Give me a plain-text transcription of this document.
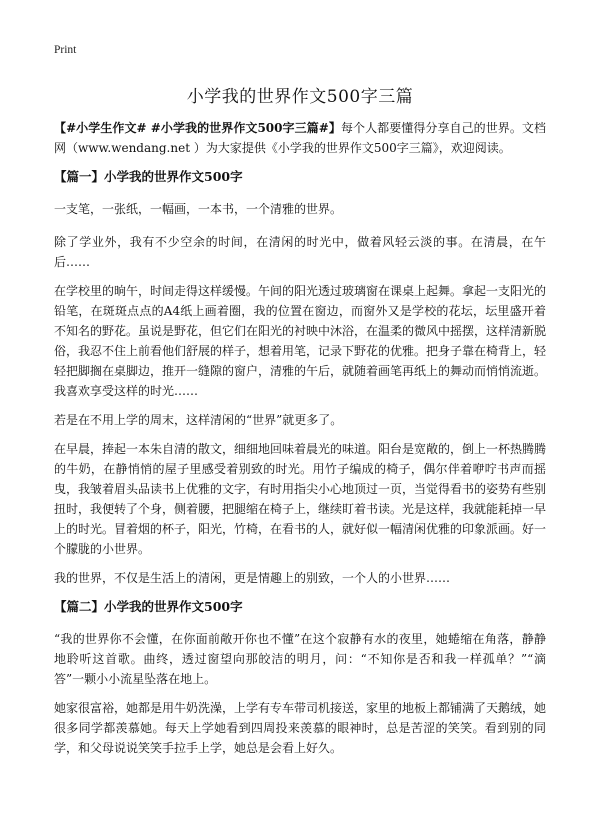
Print
小学我的世界作文500字三篇

【#小学生作文# #小学我的世界作文500字三篇#】每个人都要懂得分享自己的世界。文档网（www.wendang.net ）为大家提供《小学我的世界作文500字三篇》，欢迎阅读。

【篇一】小学我的世界作文500字

一支笔，一张纸，一幅画，一本书，一个清雅的世界。

除了学业外，我有不少空余的时间，在清闲的时光中，做着风轻云淡的事。在清晨，在午后……

在学校里的晌午，时间走得这样缓慢。午间的阳光透过玻璃窗在课桌上起舞。拿起一支阳光的铅笔，在斑斑点点的A4纸上画着圈，我的位置在窗边，而窗外又是学校的花坛，坛里盛开着不知名的野花。虽说是野花，但它们在阳光的衬映中沐浴，在温柔的微风中摇摆，这样清新脱俗，我忍不住上前看他们舒展的样子，想着用笔，记录下野花的优雅。把身子靠在椅背上，轻轻把脚搁在桌脚边，推开一缝隙的窗户，清雅的午后，就随着画笔再纸上的舞动而悄悄流逝。我喜欢享受这样的时光……

若是在不用上学的周末，这样清闲的“世界”就更多了。

在早晨，捧起一本朱自清的散文，细细地回味着晨光的味道。阳台是宽敞的，倒上一杯热腾腾的牛奶，在静悄悄的屋子里感受着别致的时光。用竹子编成的椅子，偶尔伴着咿咛书声而摇曳，我皱着眉头品读书上优雅的文字，有时用指尖小心地顶过一页，当觉得看书的姿势有些别扭时，我便转了个身，侧着腰，把腿缩在椅子上，继续盯着书读。光是这样，我就能耗掉一早上的时光。冒着烟的杯子，阳光，竹椅，在看书的人，就好似一幅清闲优雅的印象派画。好一个朦胧的小世界。

我的世界，不仅是生活上的清闲，更是情趣上的别致，一个人的小世界……

【篇二】小学我的世界作文500字

“我的世界你不会懂，在你面前敞开你也不懂”在这个寂静有水的夜里，她蜷缩在角落，静静地聆听这首歌。曲终，透过窗望向那皎洁的明月，问：“不知你是否和我一样孤单？”“滴答”一颗小小流星坠落在地上。

她家很富裕，她都是用牛奶洗澡，上学有专车带司机接送，家里的地板上都铺满了天鹅绒，她很多同学都羡慕她。每天上学她看到四周投来羡慕的眼神时，总是苦涩的笑笑。看到别的同学，和父母说说笑笑手拉手上学，她总是会看上好久。
